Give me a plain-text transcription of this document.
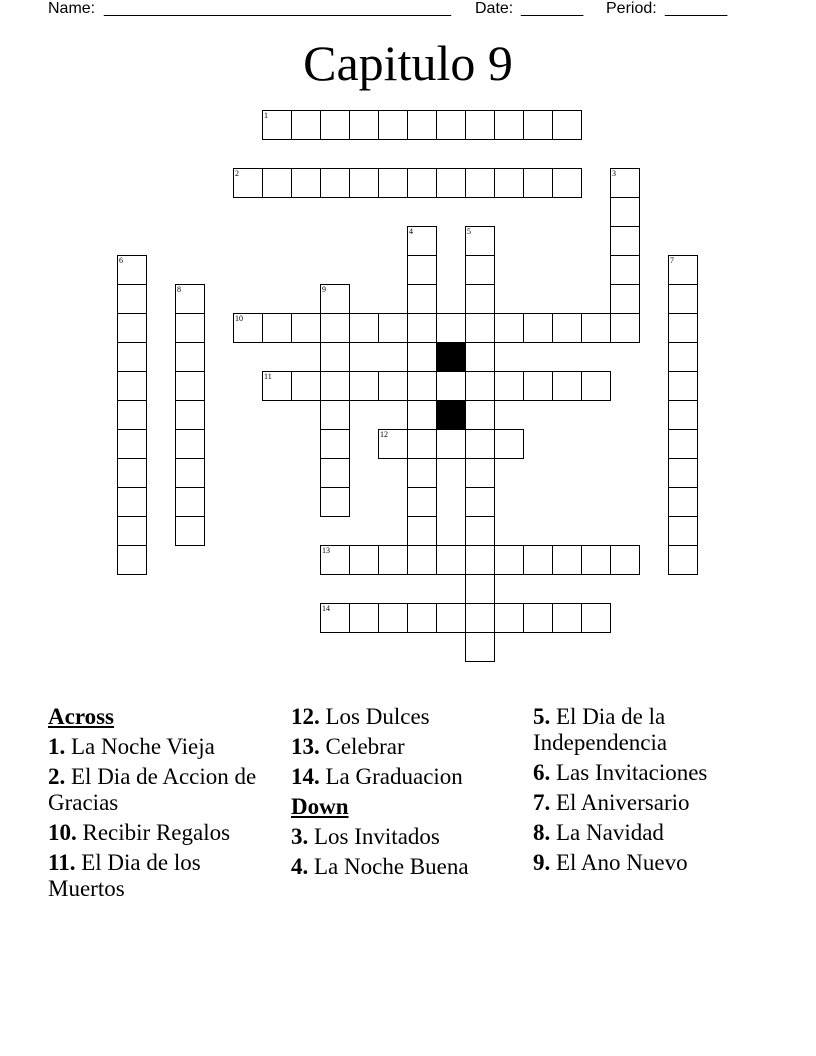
Name: _______________________________________ Date: _______ Period: _______
Capitulo 9
1
2
10
11
12
13
14
3
4	5
6	7
8	9
Across
1. La Noche Vieja
2. El Dia de Accion de Gracias
10. Recibir Regalos
11. El Dia de los Muertos
12. Los Dulces
13. Celebrar
14. La Graduacion
Down
3. Los Invitados
4. La Noche Buena
5. El Dia de la Independencia
6. Las Invitaciones
7. El Aniversario
8. La Navidad
9. El Ano Nuevo
